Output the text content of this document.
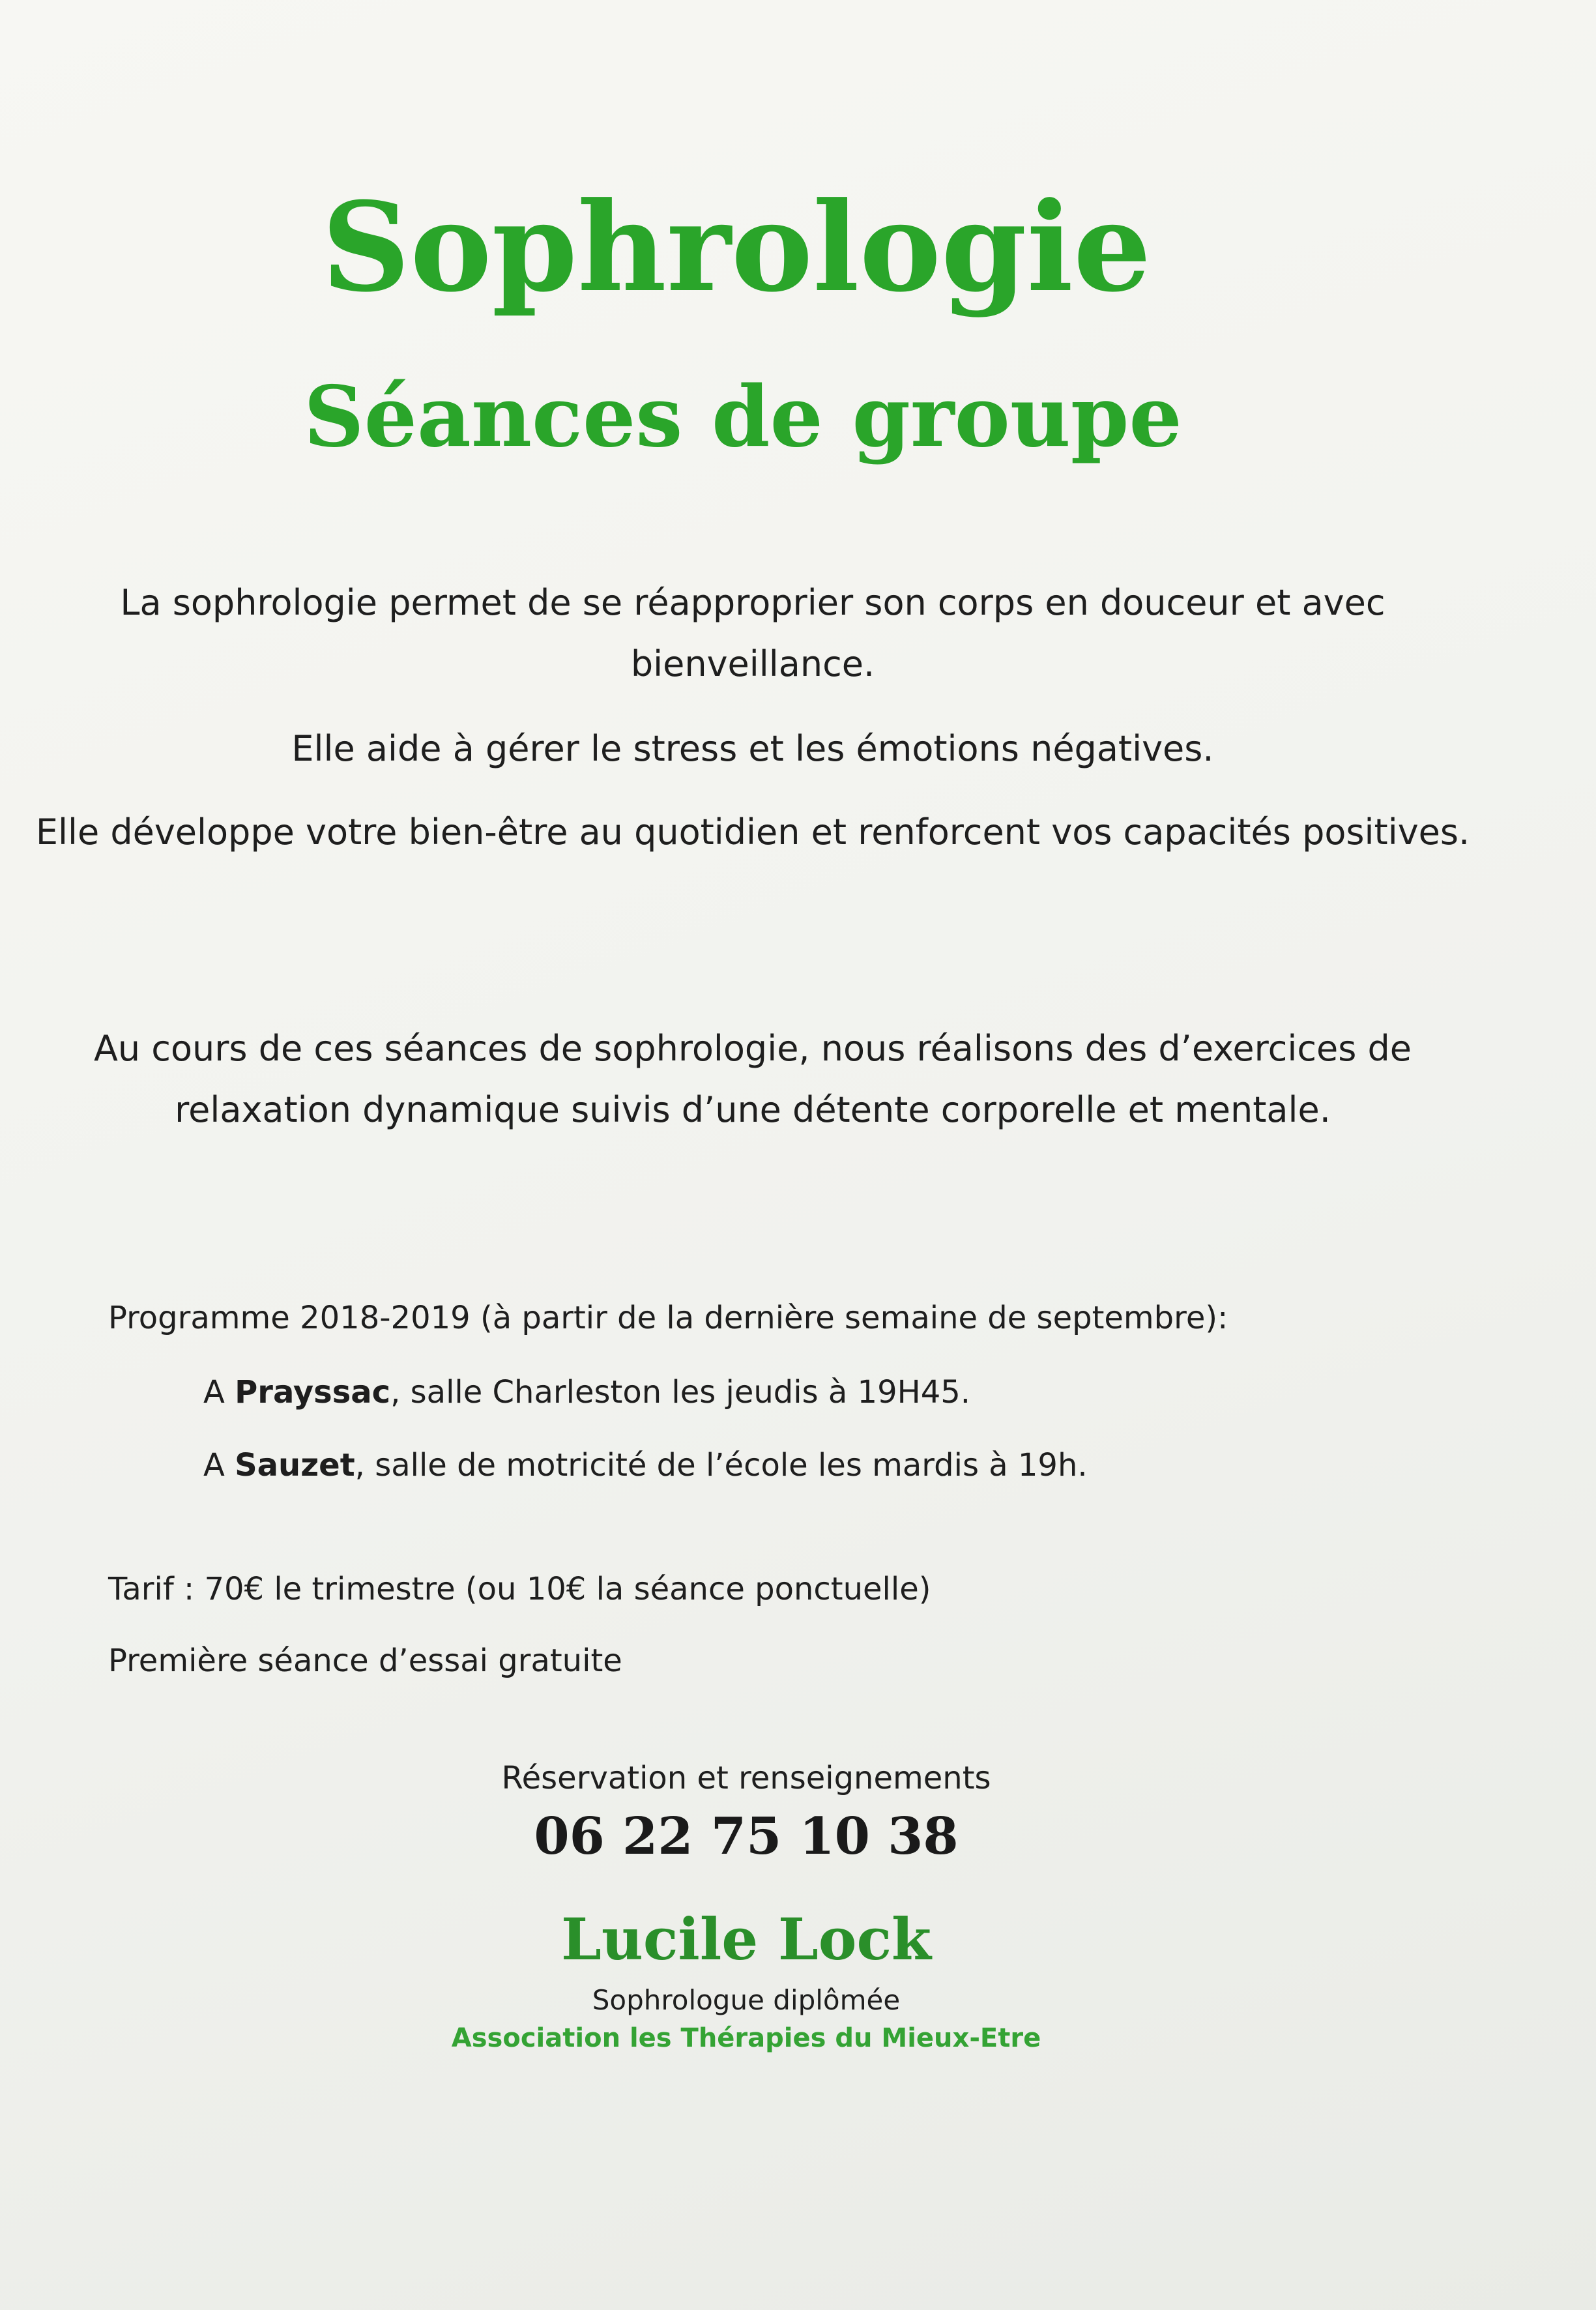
Sophrologie
Séances de groupe

La sophrologie permet de se réapproprier son corps en douceur et avec bienveillance.

Elle aide à gérer le stress et les émotions négatives.

Elle développe votre bien-être au quotidien et renforcent vos capacités positives.

Au cours de ces séances de sophrologie, nous réalisons des d’exercices de relaxation dynamique suivis d’une détente corporelle et mentale.

Programme 2018-2019 (à partir de la dernière semaine de septembre):

A Prayssac, salle Charleston les jeudis à 19H45.

A Sauzet, salle de motricité de l’école les mardis à 19h.

Tarif : 70€ le trimestre (ou 10€ la séance ponctuelle)

Première séance d’essai gratuite

Réservation et renseignements

06 22 75 10 38

Lucile Lock

Sophrologue diplômée

Association les Thérapies du Mieux-Etre
